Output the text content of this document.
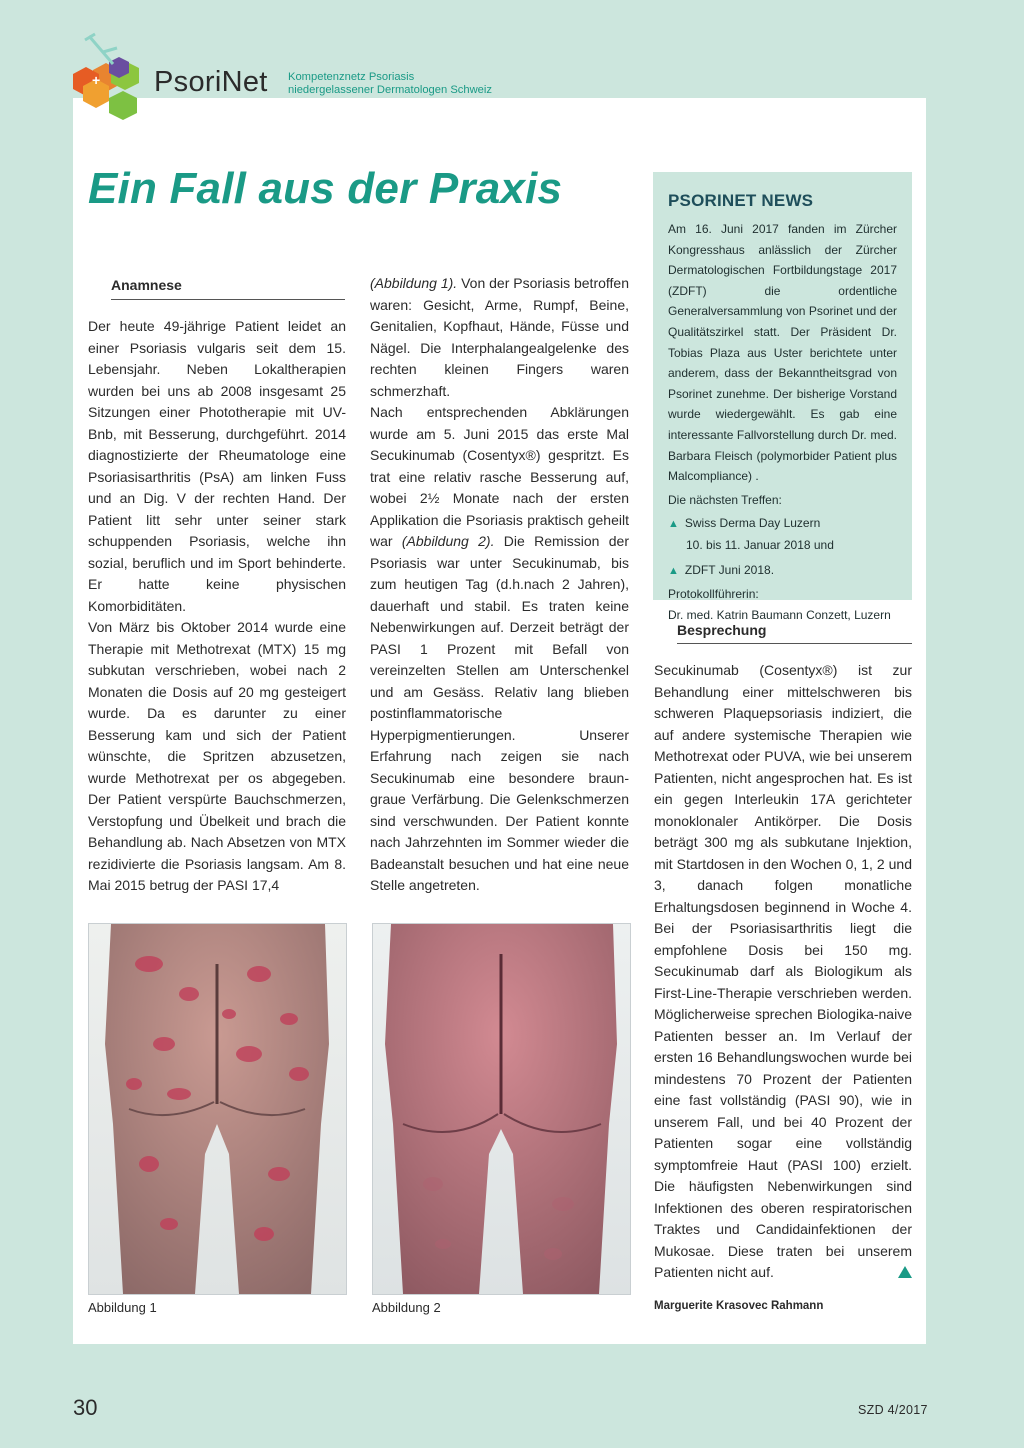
+ PsoriNet Kompetenznetz Psoriasis
niedergelassener Dermatologen Schweiz
Ein Fall aus der Praxis
Anamnese

Der heute 49-jährige Patient leidet an einer Psoriasis vulgaris seit dem 15. Lebensjahr. Neben Lokaltherapien wurden bei uns ab 2008 insgesamt 25 Sitzungen einer Phototherapie mit UV-Bnb, mit Besserung, durchgeführt. 2014 diagnostizierte der Rheumatologe eine Psoriasisarthritis (PsA) am linken Fuss und an Dig. V der rechten Hand. Der Patient litt sehr unter seiner stark schuppenden Psoriasis, welche ihn sozial, beruflich und im Sport behinderte. Er hatte keine physischen Komorbiditäten.

Von März bis Oktober 2014 wurde eine Therapie mit Methotrexat (MTX) 15 mg subkutan verschrieben, wobei nach 2 Monaten die Dosis auf 20 mg gesteigert wurde. Da es darunter zu einer Besserung kam und sich der Patient wünschte, die Spritzen abzusetzen, wurde Methotrexat per os abgegeben. Der Patient verspürte Bauchschmerzen, Verstopfung und Übelkeit und brach die Behandlung ab. Nach Absetzen von MTX rezidivierte die Psoriasis langsam. Am 8. Mai 2015 betrug der PASI 17,4

(Abbildung 1). Von der Psoriasis betroffen waren: Gesicht, Arme, Rumpf, Beine, Genitalien, Kopfhaut, Hände, Füsse und Nägel. Die Interphalangealgelenke des rechten kleinen Fingers waren schmerzhaft.

Nach entsprechenden Abklärungen wurde am 5. Juni 2015 das erste Mal Secukinumab (Cosentyx®) gespritzt. Es trat eine relativ rasche Besserung auf, wobei 2½ Monate nach der ersten Applikation die Psoriasis praktisch geheilt war (Abbildung 2). Die Remission der Psoriasis war unter Secukinumab, bis zum heutigen Tag (d.h.nach 2 Jahren), dauerhaft und stabil. Es traten keine Nebenwirkungen auf. Derzeit beträgt der PASI 1 Prozent mit Befall von vereinzelten Stellen am Unterschenkel und am Gesäss. Relativ lang blieben postinflammatorische Hyperpigmentierungen. Unserer Erfahrung nach zeigen sie nach Secukinumab eine besondere braun-graue Verfärbung. Die Gelenkschmerzen sind verschwunden. Der Patient konnte nach Jahrzehnten im Sommer wieder die Badeanstalt besuchen und hat eine neue Stelle angetreten.

Abbildung 1	Abbildung 2
PSORINET NEWS

Am 16. Juni 2017 fanden im Zürcher Kongresshaus anlässlich der Zürcher Dermatologischen Fortbildungstage 2017 (ZDFT) die ordentliche Generalversammlung von Psorinet und der Qualitätszirkel statt. Der Präsident Dr. Tobias Plaza aus Uster berichtete unter anderem, dass der Bekanntheitsgrad von Psorinet zunehme. Der bisherige Vorstand wurde wiedergewählt. Es gab eine interessante Fallvorstellung durch Dr. med. Barbara Fleisch (polymorbider Patient plus Malcompliance) .

Die nächsten Treffen:

▲ Swiss Derma Day Luzern

10. bis 11. Januar 2018 und

▲ ZDFT Juni 2018.

Protokollführerin:

Dr. med. Katrin Baumann Conzett, Luzern

Besprechung

Secukinumab (Cosentyx®) ist zur Behandlung einer mittelschweren bis schweren Plaquepsoriasis indiziert, die auf andere systemische Therapien wie Methotrexat oder PUVA, wie bei unserem Patienten, nicht angesprochen hat. Es ist ein gegen Interleukin 17A gerichteter monoklonaler Antikörper. Die Dosis beträgt 300 mg als subkutane Injektion, mit Startdosen in den Wochen 0, 1, 2 und 3, danach folgen monatliche Erhaltungsdosen beginnend in Woche 4. Bei der Psoriasisarthritis liegt die empfohlene Dosis bei 150 mg. Secukinumab darf als Biologikum als First-Line-Therapie verschrieben werden. Möglicherweise sprechen Biologika-naive Patienten besser an. Im Verlauf der ersten 16 Behandlungswochen wurde bei mindestens 70 Prozent der Patienten eine fast vollständig (PASI 90), wie in unserem Fall, und bei 40 Prozent der Patienten sogar eine vollständig symptomfreie Haut (PASI 100) erzielt. Die häufigsten Nebenwirkungen sind Infektionen des oberen respiratorischen Traktes und Candidainfektionen der Mukosae. Diese traten bei unserem Patienten nicht auf.

Marguerite Krasovec Rahmann
30	SZD 4/2017
